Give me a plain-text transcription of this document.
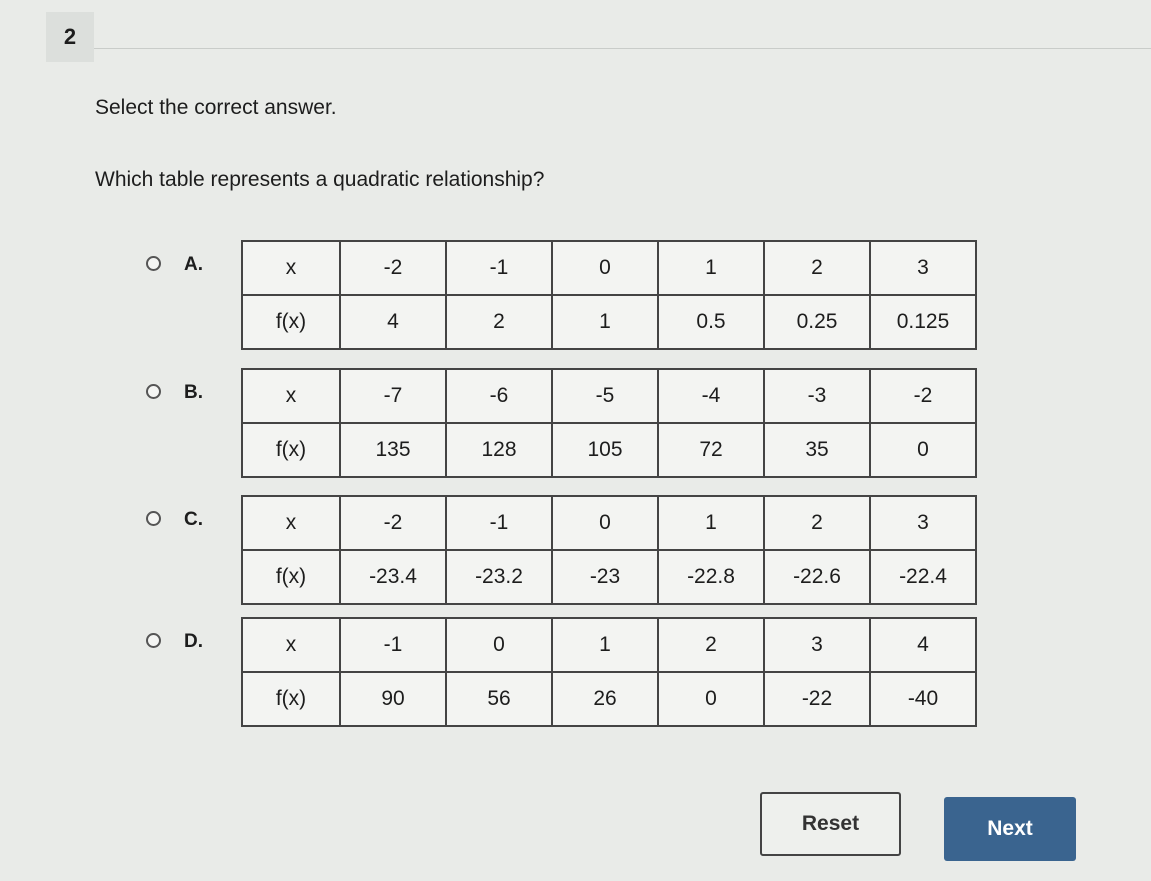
2
Select the correct answer.
Which table represents a quadratic relationship?
A.	x	-2	-1	0	1	2	3
f(x)	4	2	1	0.5	0.25	0.125
B.	x	-7	-6	-5	-4	-3	-2
f(x)	135	128	105	72	35	0
C.	x	-2	-1	0	1	2	3
f(x)	-23.4	-23.2	-23	-22.8	-22.6	-22.4
D.	x	-1	0	1	2	3	4
f(x)	90	56	26	0	-22	-40
Reset	Next
